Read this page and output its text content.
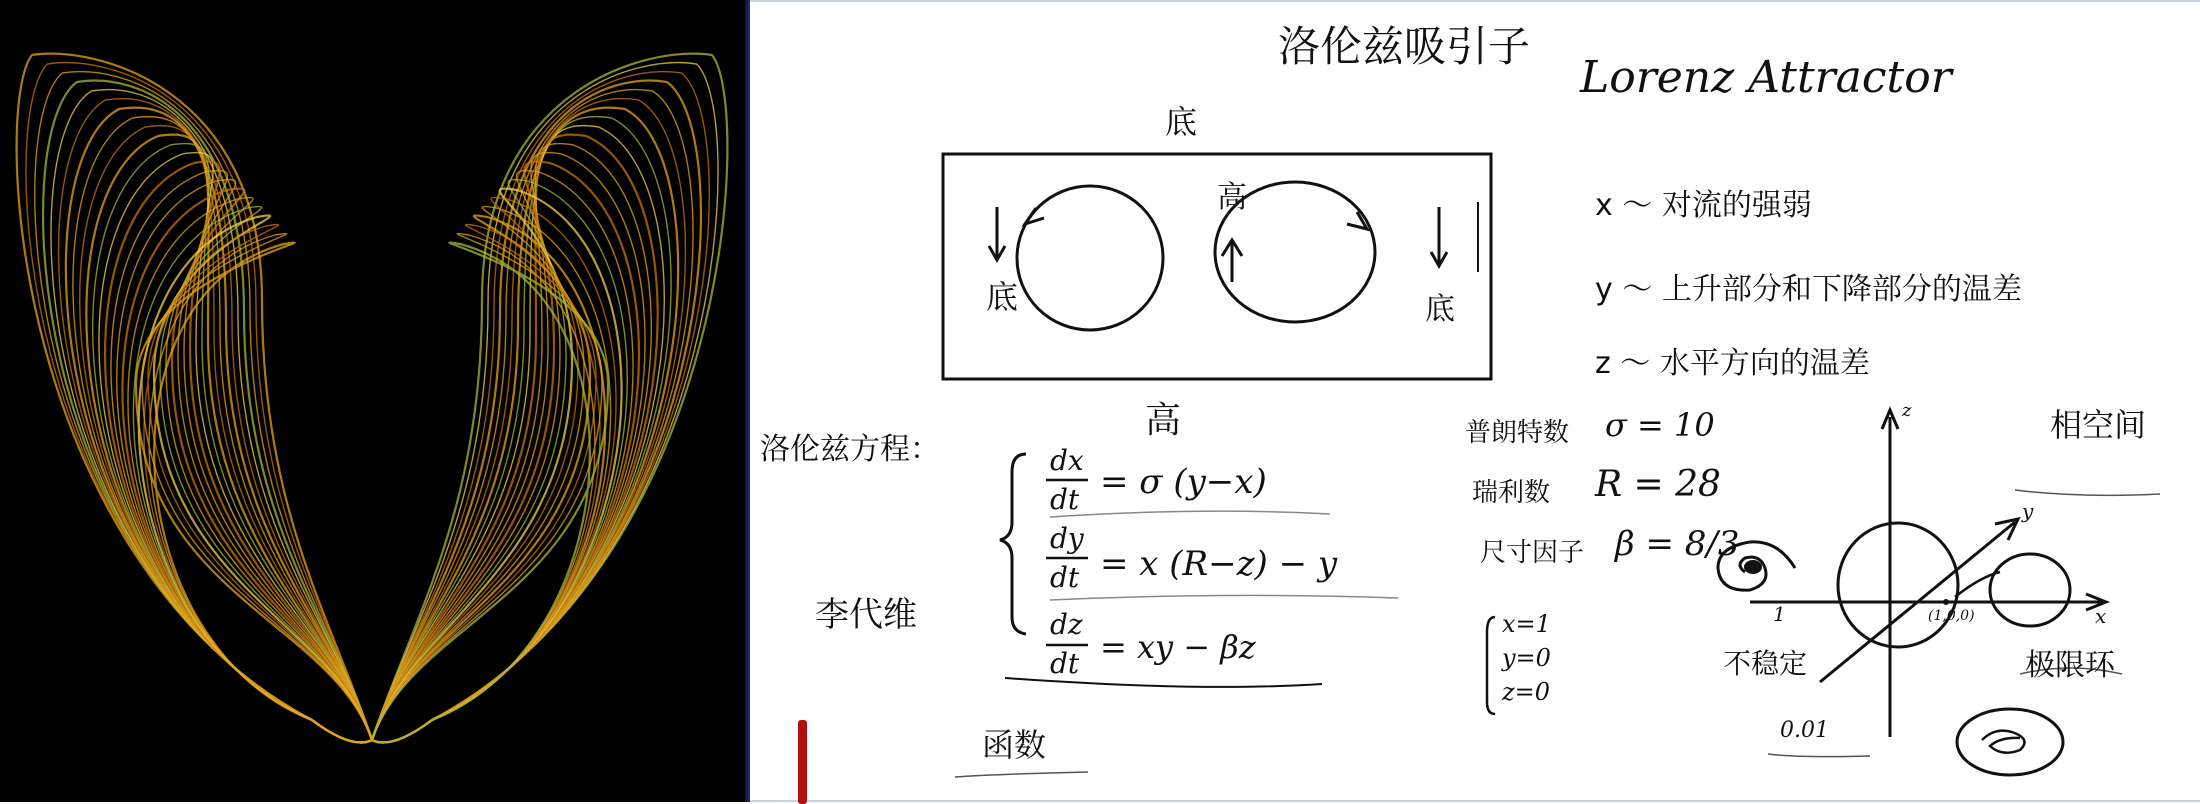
洛伦兹吸引子
Lorenz Attractor
底
高
底	底
高
x 〜 对流的强弱
y 〜 上升部分和下降部分的温差
z 〜 水平方向的温差
洛伦兹方程：	dx
dt = σ (y−x)
dy
dt = x (R−z) − y
dz
dt = xy − βz
李代维
函数
普朗特数 σ = 10
瑞利数 R = 28
尺寸因子 β = 8/3
x=1
y=0
z=0
相空间
z
y
x
(1,0,0)
1
不稳定	极限环
0.01
